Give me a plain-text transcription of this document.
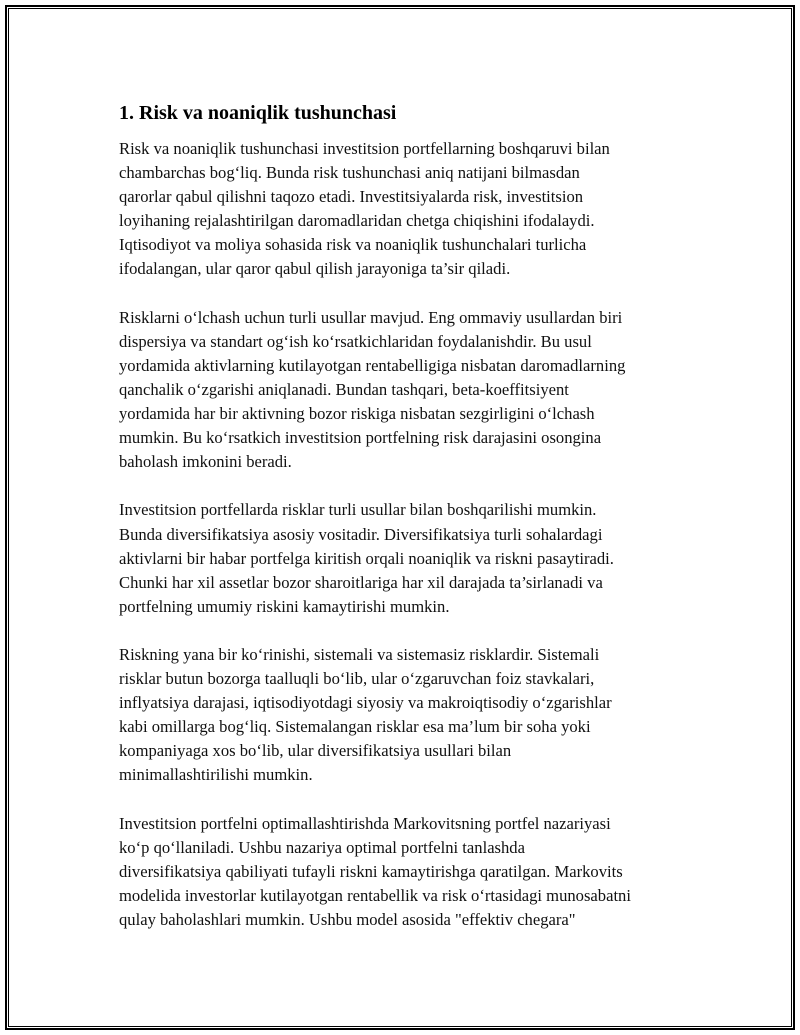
1. Risk va noaniqlik tushunchasi

Risk va noaniqlik tushunchasi investitsion portfellarning boshqaruvi bilan
chambarchas bog‘liq. Bunda risk tushunchasi aniq natijani bilmasdan
qarorlar qabul qilishni taqozo etadi. Investitsiyalarda risk, investitsion
loyihaning rejalashtirilgan daromadlaridan chetga chiqishini ifodalaydi.
Iqtisodiyot va moliya sohasida risk va noaniqlik tushunchalari turlicha
ifodalangan, ular qaror qabul qilish jarayoniga ta’sir qiladi.

Risklarni o‘lchash uchun turli usullar mavjud. Eng ommaviy usullardan biri
dispersiya va standart og‘ish ko‘rsatkichlaridan foydalanishdir. Bu usul
yordamida aktivlarning kutilayotgan rentabelligiga nisbatan daromadlarning
qanchalik o‘zgarishi aniqlanadi. Bundan tashqari, beta-koeffitsiyent
yordamida har bir aktivning bozor riskiga nisbatan sezgirligini o‘lchash
mumkin. Bu ko‘rsatkich investitsion portfelning risk darajasini osongina
baholash imkonini beradi.

Investitsion portfellarda risklar turli usullar bilan boshqarilishi mumkin.
Bunda diversifikatsiya asosiy vositadir. Diversifikatsiya turli sohalardagi
aktivlarni bir habar portfelga kiritish orqali noaniqlik va riskni pasaytiradi.
Chunki har xil assetlar bozor sharoitlariga har xil darajada ta’sirlanadi va
portfelning umumiy riskini kamaytirishi mumkin.

Riskning yana bir ko‘rinishi, sistemali va sistemasiz risklardir. Sistemali
risklar butun bozorga taalluqli bo‘lib, ular o‘zgaruvchan foiz stavkalari,
inflyatsiya darajasi, iqtisodiyotdagi siyosiy va makroiqtisodiy o‘zgarishlar
kabi omillarga bog‘liq. Sistemalangan risklar esa ma’lum bir soha yoki
kompaniyaga xos bo‘lib, ular diversifikatsiya usullari bilan
minimallashtirilishi mumkin.

Investitsion portfelni optimallashtirishda Markovitsning portfel nazariyasi
ko‘p qo‘llaniladi. Ushbu nazariya optimal portfelni tanlashda
diversifikatsiya qabiliyati tufayli riskni kamaytirishga qaratilgan. Markovits
modelida investorlar kutilayotgan rentabellik va risk o‘rtasidagi munosabatni
qulay baholashlari mumkin. Ushbu model asosida "effektiv chegara"
